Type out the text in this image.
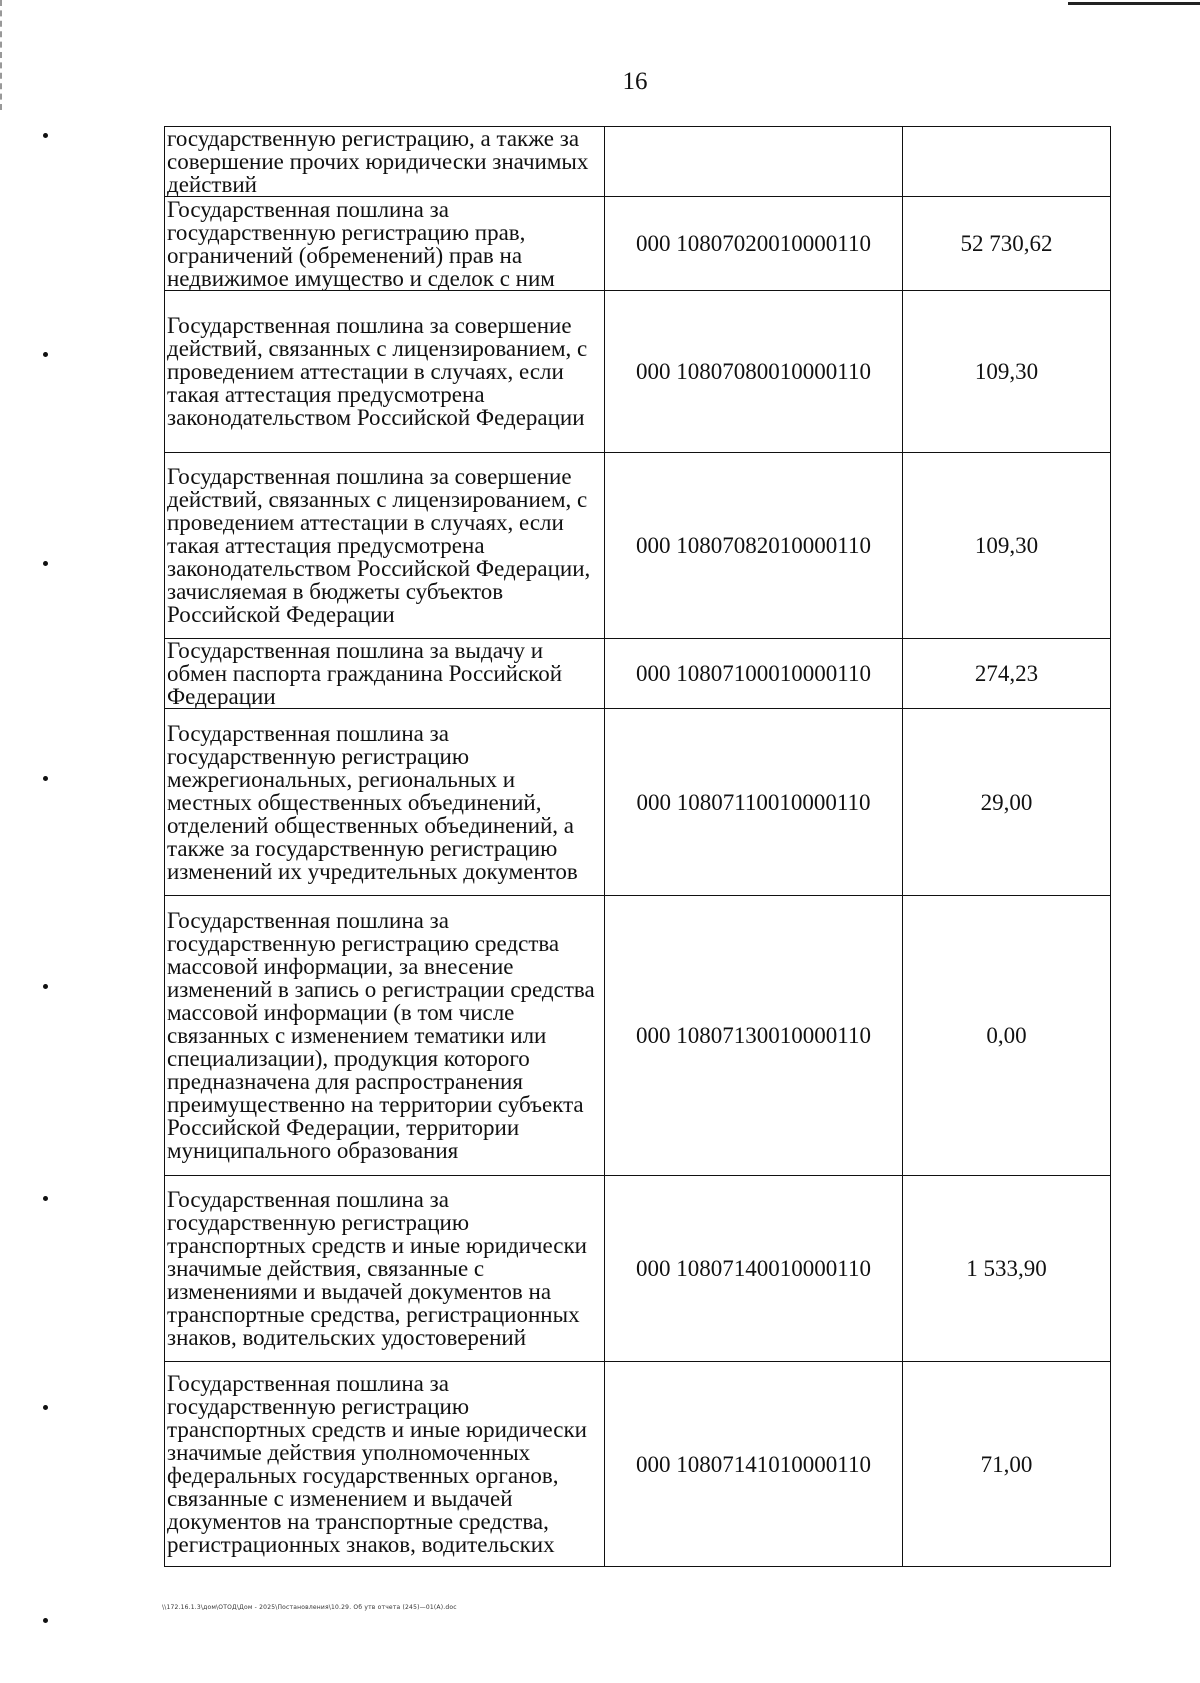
16
государственную регистрацию, а также за совершение прочих юридически значимых действий		
Государственная пошлина за государственную регистрацию прав, ограничений (обременений) прав на недвижимое имущество и сделок с ним	000 10807020010000110	52 730,62
Государственная пошлина за совершение действий, связанных с лицензированием, с проведением аттестации в случаях, если такая аттестация предусмотрена законодательством Российской Федерации	000 10807080010000110	109,30
Государственная пошлина за совершение действий, связанных с лицензированием, с проведением аттестации в случаях, если такая аттестация предусмотрена законодательством Российской Федерации, зачисляемая в бюджеты субъектов Российской Федерации	000 10807082010000110	109,30
Государственная пошлина за выдачу и обмен паспорта гражданина Российской Федерации	000 10807100010000110	274,23
Государственная пошлина за государственную регистрацию межрегиональных, региональных и местных общественных объединений, отделений общественных объединений, а также за государственную регистрацию изменений их учредительных документов	000 10807110010000110	29,00
Государственная пошлина за государственную регистрацию средства массовой информации, за внесение изменений в запись о регистрации средства массовой информации (в том числе связанных с изменением тематики или специализации), продукция которого предназначена для распространения преимущественно на территории субъекта Российской Федерации, территории муниципального образования	000 10807130010000110	0,00
Государственная пошлина за государственную регистрацию транспортных средств и иные юридически значимые действия, связанные с изменениями и выдачей документов на транспортные средства, регистрационных знаков, водительских удостоверений	000 10807140010000110	1 533,90
Государственная пошлина за государственную регистрацию транспортных средств и иные юридически значимые действия уполномоченных федеральных государственных органов, связанные с изменением и выдачей документов на транспортные средства, регистрационных знаков, водительских	000 10807141010000110	71,00
\\172.16.1.3\дом\ОТОД\Дом - 2025\Постановления\10.29. Об утв отчета (245)—01(А).doc
